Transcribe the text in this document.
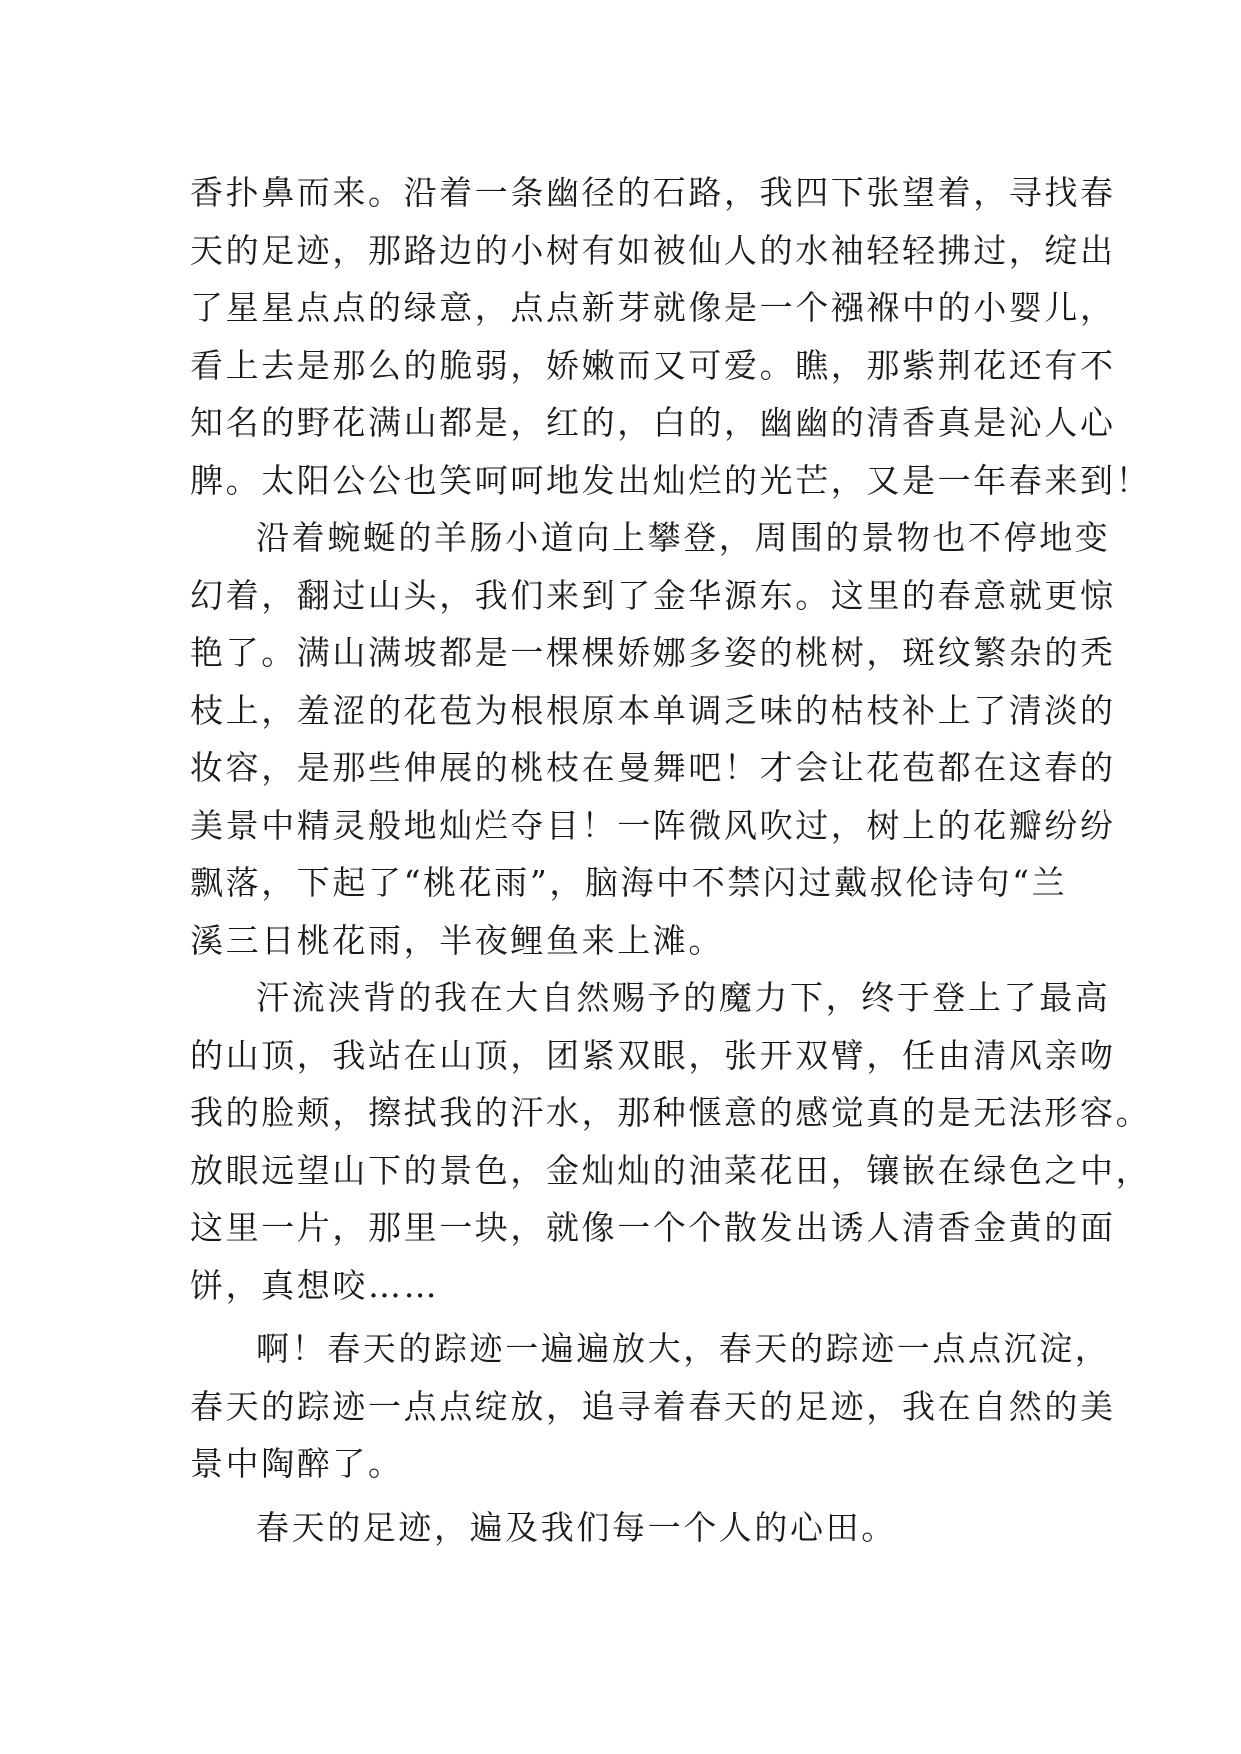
香扑鼻而来。沿着一条幽径的石路，我四下张望着，寻找春
天的足迹，那路边的小树有如被仙人的水袖轻轻拂过，绽出
了星星点点的绿意，点点新芽就像是一个襁褓中的小婴儿，
看上去是那么的脆弱，娇嫩而又可爱。瞧，那紫荆花还有不
知名的野花满山都是，红的，白的，幽幽的清香真是沁人心
脾。太阳公公也笑呵呵地发出灿烂的光芒，又是一年春来到！
沿着蜿蜒的羊肠小道向上攀登，周围的景物也不停地变
幻着，翻过山头，我们来到了金华源东。这里的春意就更惊
艳了。满山满坡都是一棵棵娇娜多姿的桃树，斑纹繁杂的秃
枝上，羞涩的花苞为根根原本单调乏味的枯枝补上了清淡的
妆容，是那些伸展的桃枝在曼舞吧！才会让花苞都在这春的
美景中精灵般地灿烂夺目！一阵微风吹过，树上的花瓣纷纷
飘落，下起了“桃花雨”，脑海中不禁闪过戴叔伦诗句“兰
溪三日桃花雨，半夜鲤鱼来上滩。
汗流浃背的我在大自然赐予的魔力下，终于登上了最高
的山顶，我站在山顶，团紧双眼，张开双臂，任由清风亲吻
我的脸颊，擦拭我的汗水，那种惬意的感觉真的是无法形容。
放眼远望山下的景色，金灿灿的油菜花田，镶嵌在绿色之中，
这里一片，那里一块，就像一个个散发出诱人清香金黄的面
饼，真想咬……
啊！春天的踪迹一遍遍放大，春天的踪迹一点点沉淀，
春天的踪迹一点点绽放，追寻着春天的足迹，我在自然的美
景中陶醉了。
春天的足迹，遍及我们每一个人的心田。
